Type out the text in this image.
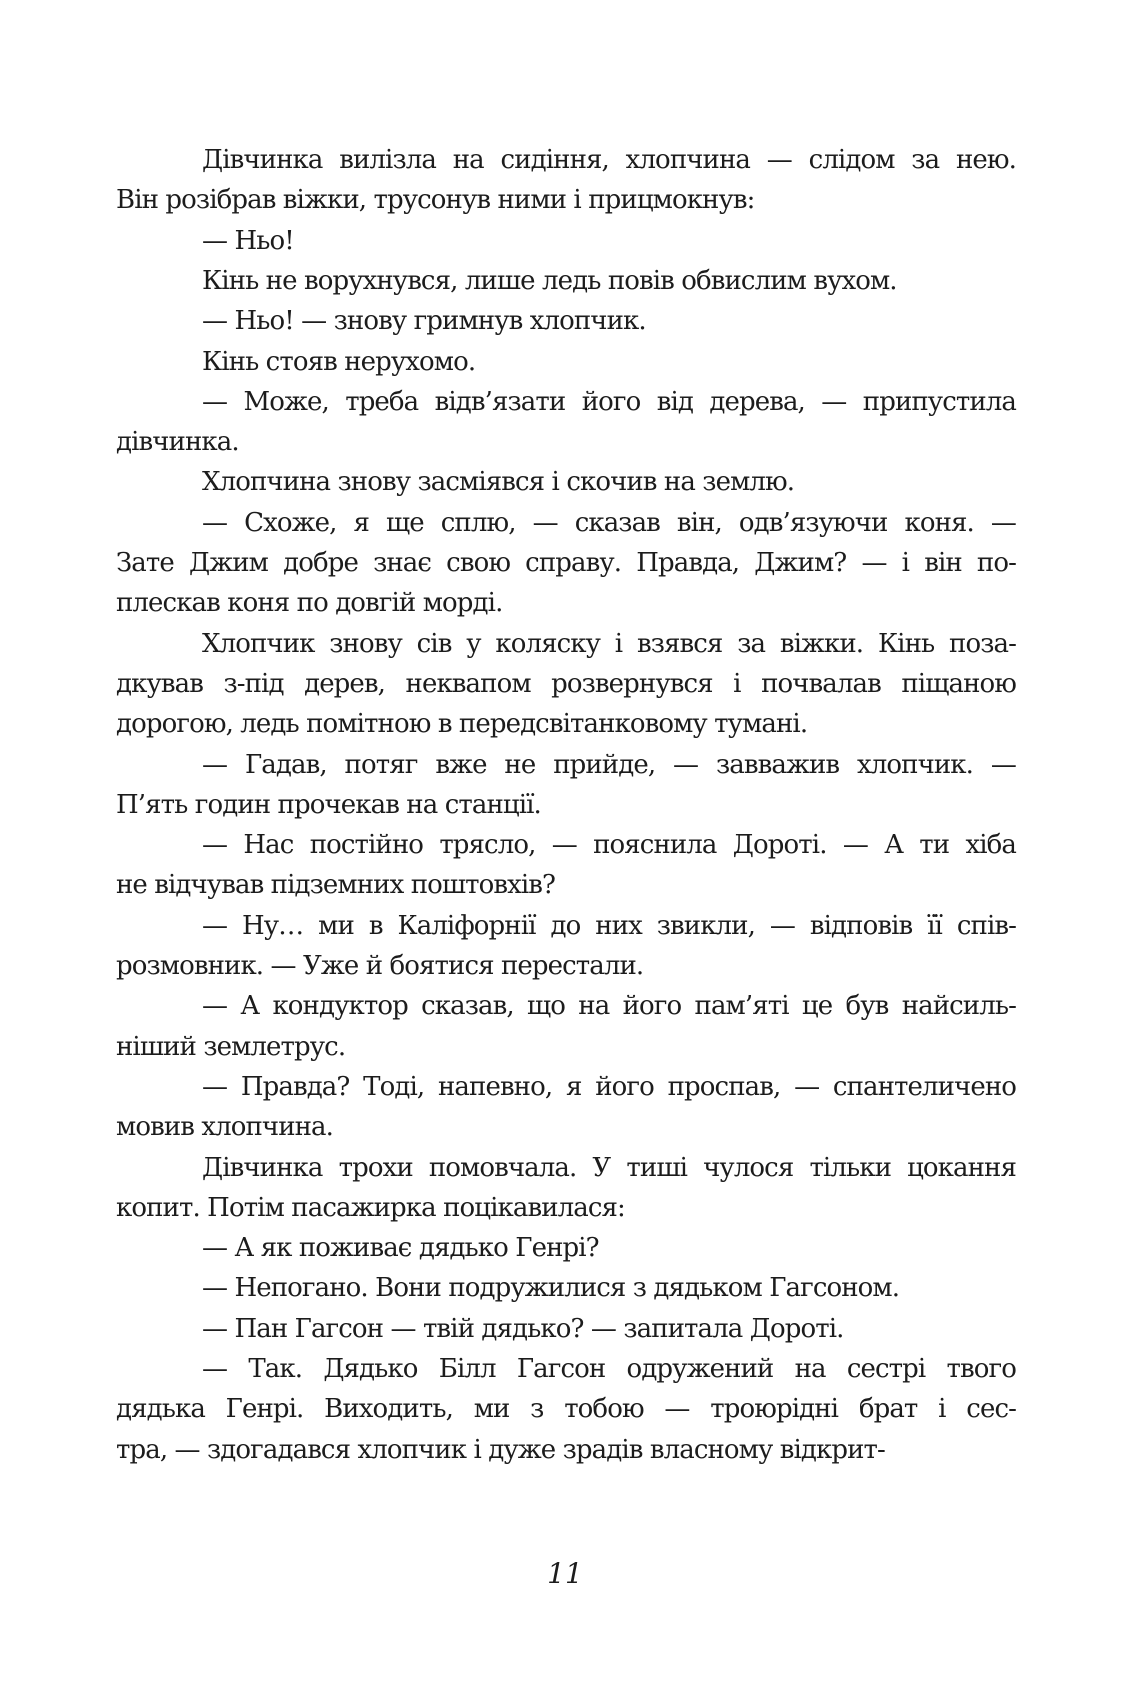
Дівчинка вилізла на сидіння, хлопчина — слідом за нею.
Він розібрав віжки, трусонув ними і прицмокнув:
— Ньо!
Кінь не ворухнувся, лише ледь повів обвислим вухом.
— Ньо! — знову гримнув хлопчик.
Кінь стояв нерухомо.
— Може, треба відв’язати його від дерева, — припустила
дівчинка.
Хлопчина знову засміявся і скочив на землю.
— Схоже, я ще сплю, — сказав він, одв’язуючи коня. —
Зате Джим добре знає свою справу. Правда, Джим? — і він по-
плескав коня по довгій морді.
Хлопчик знову сів у коляску і взявся за віжки. Кінь поза-
дкував з-під дерев, неквапом розвернувся і почвалав піщаною
дорогою, ледь помітною в передсвітанковому тумані.
— Гадав, потяг вже не прийде, — завважив хлопчик. —
П’ять годин прочекав на станції.
— Нас постійно трясло, — пояснила Дороті. — А ти хіба
не відчував підземних поштовхів?
— Ну… ми в Каліфорнії до них звикли, — відповів її спів-
розмовник. — Уже й боятися перестали.
— А кондуктор сказав, що на його пам’яті це був найсиль-
ніший землетрус.
— Правда? Тоді, напевно, я його проспав, — спантеличено
мовив хлопчина.
Дівчинка трохи помовчала. У тиші чулося тільки цокання
копит. Потім пасажирка поцікавилася:
— А як поживає дядько Генрі?
— Непогано. Вони подружилися з дядьком Гагсоном.
— Пан Гагсон — твій дядько? — запитала Дороті.
— Так. Дядько Білл Гагсон одружений на сестрі твого
дядька Генрі. Виходить, ми з тобою — троюрідні брат і сес-
тра, — здогадався хлопчик і дуже зрадів власному відкрит-
11
